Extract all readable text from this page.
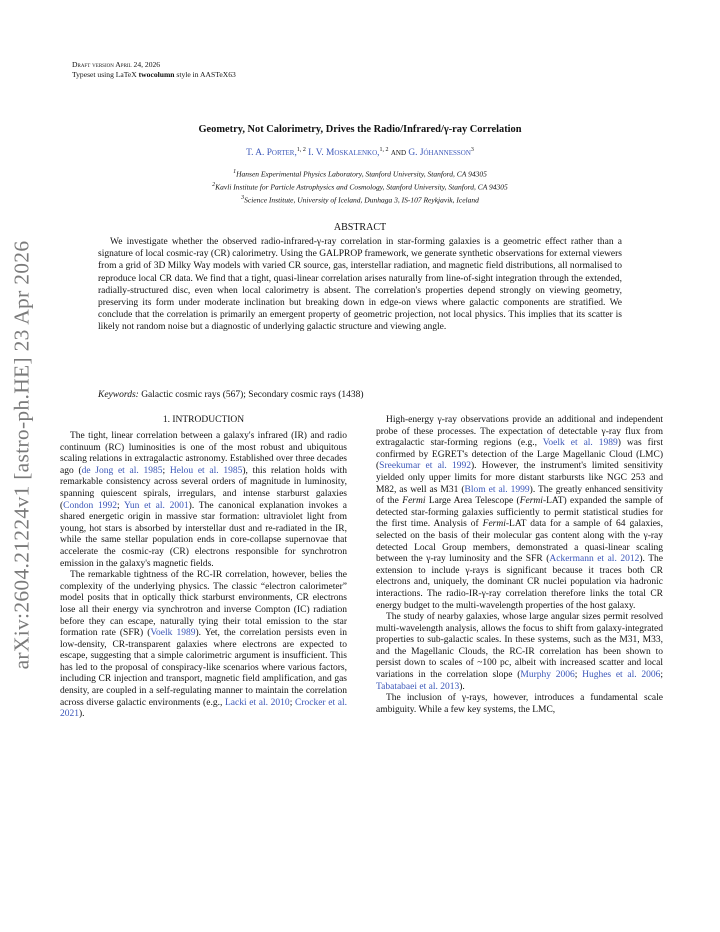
arXiv:2604.21224v1 [astro-ph.HE] 23 Apr 2026
Draft version April 24, 2026
Typeset using LaTeX twocolumn style in AASTeX63
Geometry, Not Calorimetry, Drives the Radio/Infrared/γ-ray Correlation
T. A. Porter,$^{1, 2}$ I. V. Moskalenko,$^{1, 2}$ and G. Jóhannesson$^3$
$^1$Hansen Experimental Physics Laboratory, Stanford University, Stanford, CA 94305
$^2$Kavli Institute for Particle Astrophysics and Cosmology, Stanford University, Stanford, CA 94305
$^3$Science Institute, University of Iceland, Dunhaga 3, IS-107 Reykjavik, Iceland
ABSTRACT
We investigate whether the observed radio-infrared-γ-ray correlation in star-forming galaxies is a geometric effect rather than a signature of local cosmic-ray (CR) calorimetry. Using the GALPROP framework, we generate synthetic observations for external viewers from a grid of 3D Milky Way models with varied CR source, gas, interstellar radiation, and magnetic field distributions, all normalised to reproduce local CR data. We find that a tight, quasi-linear correlation arises naturally from line-of-sight integration through the extended, radially-structured disc, even when local calorimetry is absent. The correlation's properties depend strongly on viewing geometry, preserving its form under moderate inclination but breaking down in edge-on views where galactic components are stratified. We conclude that the correlation is primarily an emergent property of geometric projection, not local physics. This implies that its scatter is likely not random noise but a diagnostic of underlying galactic structure and viewing angle.
Keywords: Galactic cosmic rays (567); Secondary cosmic rays (1438)
1. INTRODUCTION

The tight, linear correlation between a galaxy's infrared (IR) and radio continuum (RC) luminosities is one of the most robust and ubiquitous scaling relations in extragalactic astronomy. Established over three decades ago (de Jong et al. 1985; Helou et al. 1985), this relation holds with remarkable consistency across several orders of magnitude in luminosity, spanning quiescent spirals, irregulars, and intense starburst galaxies (Condon 1992; Yun et al. 2001). The canonical explanation invokes a shared energetic origin in massive star formation: ultraviolet light from young, hot stars is absorbed by interstellar dust and re-radiated in the IR, while the same stellar population ends in core-collapse supernovae that accelerate the cosmic-ray (CR) electrons responsible for synchrotron emission in the galaxy's magnetic fields.

The remarkable tightness of the RC-IR correlation, however, belies the complexity of the underlying physics. The classic “electron calorimeter” model posits that in optically thick starburst environments, CR electrons lose all their energy via synchrotron and inverse Compton (IC) radiation before they can escape, naturally tying their total emission to the star formation rate (SFR) (Voelk 1989). Yet, the correlation persists even in low-density, CR-transparent galaxies where electrons are expected to escape, suggesting that a simple calorimetric argument is insufficient. This has led to the proposal of conspiracy-like scenarios where various factors, including CR injection and transport, magnetic field amplification, and gas density, are coupled in a self-regulating manner to maintain the correlation across diverse galactic environments (e.g., Lacki et al. 2010; Crocker et al. 2021).

High-energy γ-ray observations provide an additional and independent probe of these processes. The expectation of detectable γ-ray flux from extragalactic star-forming regions (e.g., Voelk et al. 1989) was first confirmed by EGRET's detection of the Large Magellanic Cloud (LMC) (Sreekumar et al. 1992). However, the instrument's limited sensitivity yielded only upper limits for more distant starbursts like NGC 253 and M82, as well as M31 (Blom et al. 1999). The greatly enhanced sensitivity of the Fermi Large Area Telescope (Fermi-LAT) expanded the sample of detected star-forming galaxies sufficiently to permit statistical studies for the first time. Analysis of Fermi-LAT data for a sample of 64 galaxies, selected on the basis of their molecular gas content along with the γ-ray detected Local Group members, demonstrated a quasi-linear scaling between the γ-ray luminosity and the SFR (Ackermann et al. 2012). The extension to include γ-rays is significant because it traces both CR electrons and, uniquely, the dominant CR nuclei population via hadronic interactions. The radio-IR-γ-ray correlation therefore links the total CR energy budget to the multi-wavelength properties of the host galaxy.

The study of nearby galaxies, whose large angular sizes permit resolved multi-wavelength analysis, allows the focus to shift from galaxy-integrated properties to sub-galactic scales. In these systems, such as the M31, M33, and the Magellanic Clouds, the RC-IR correlation has been shown to persist down to scales of ~100 pc, albeit with increased scatter and local variations in the correlation slope (Murphy 2006; Hughes et al. 2006; Tabatabaei et al. 2013).

The inclusion of γ-rays, however, introduces a fundamental scale ambiguity. While a few key systems, the LMC,
